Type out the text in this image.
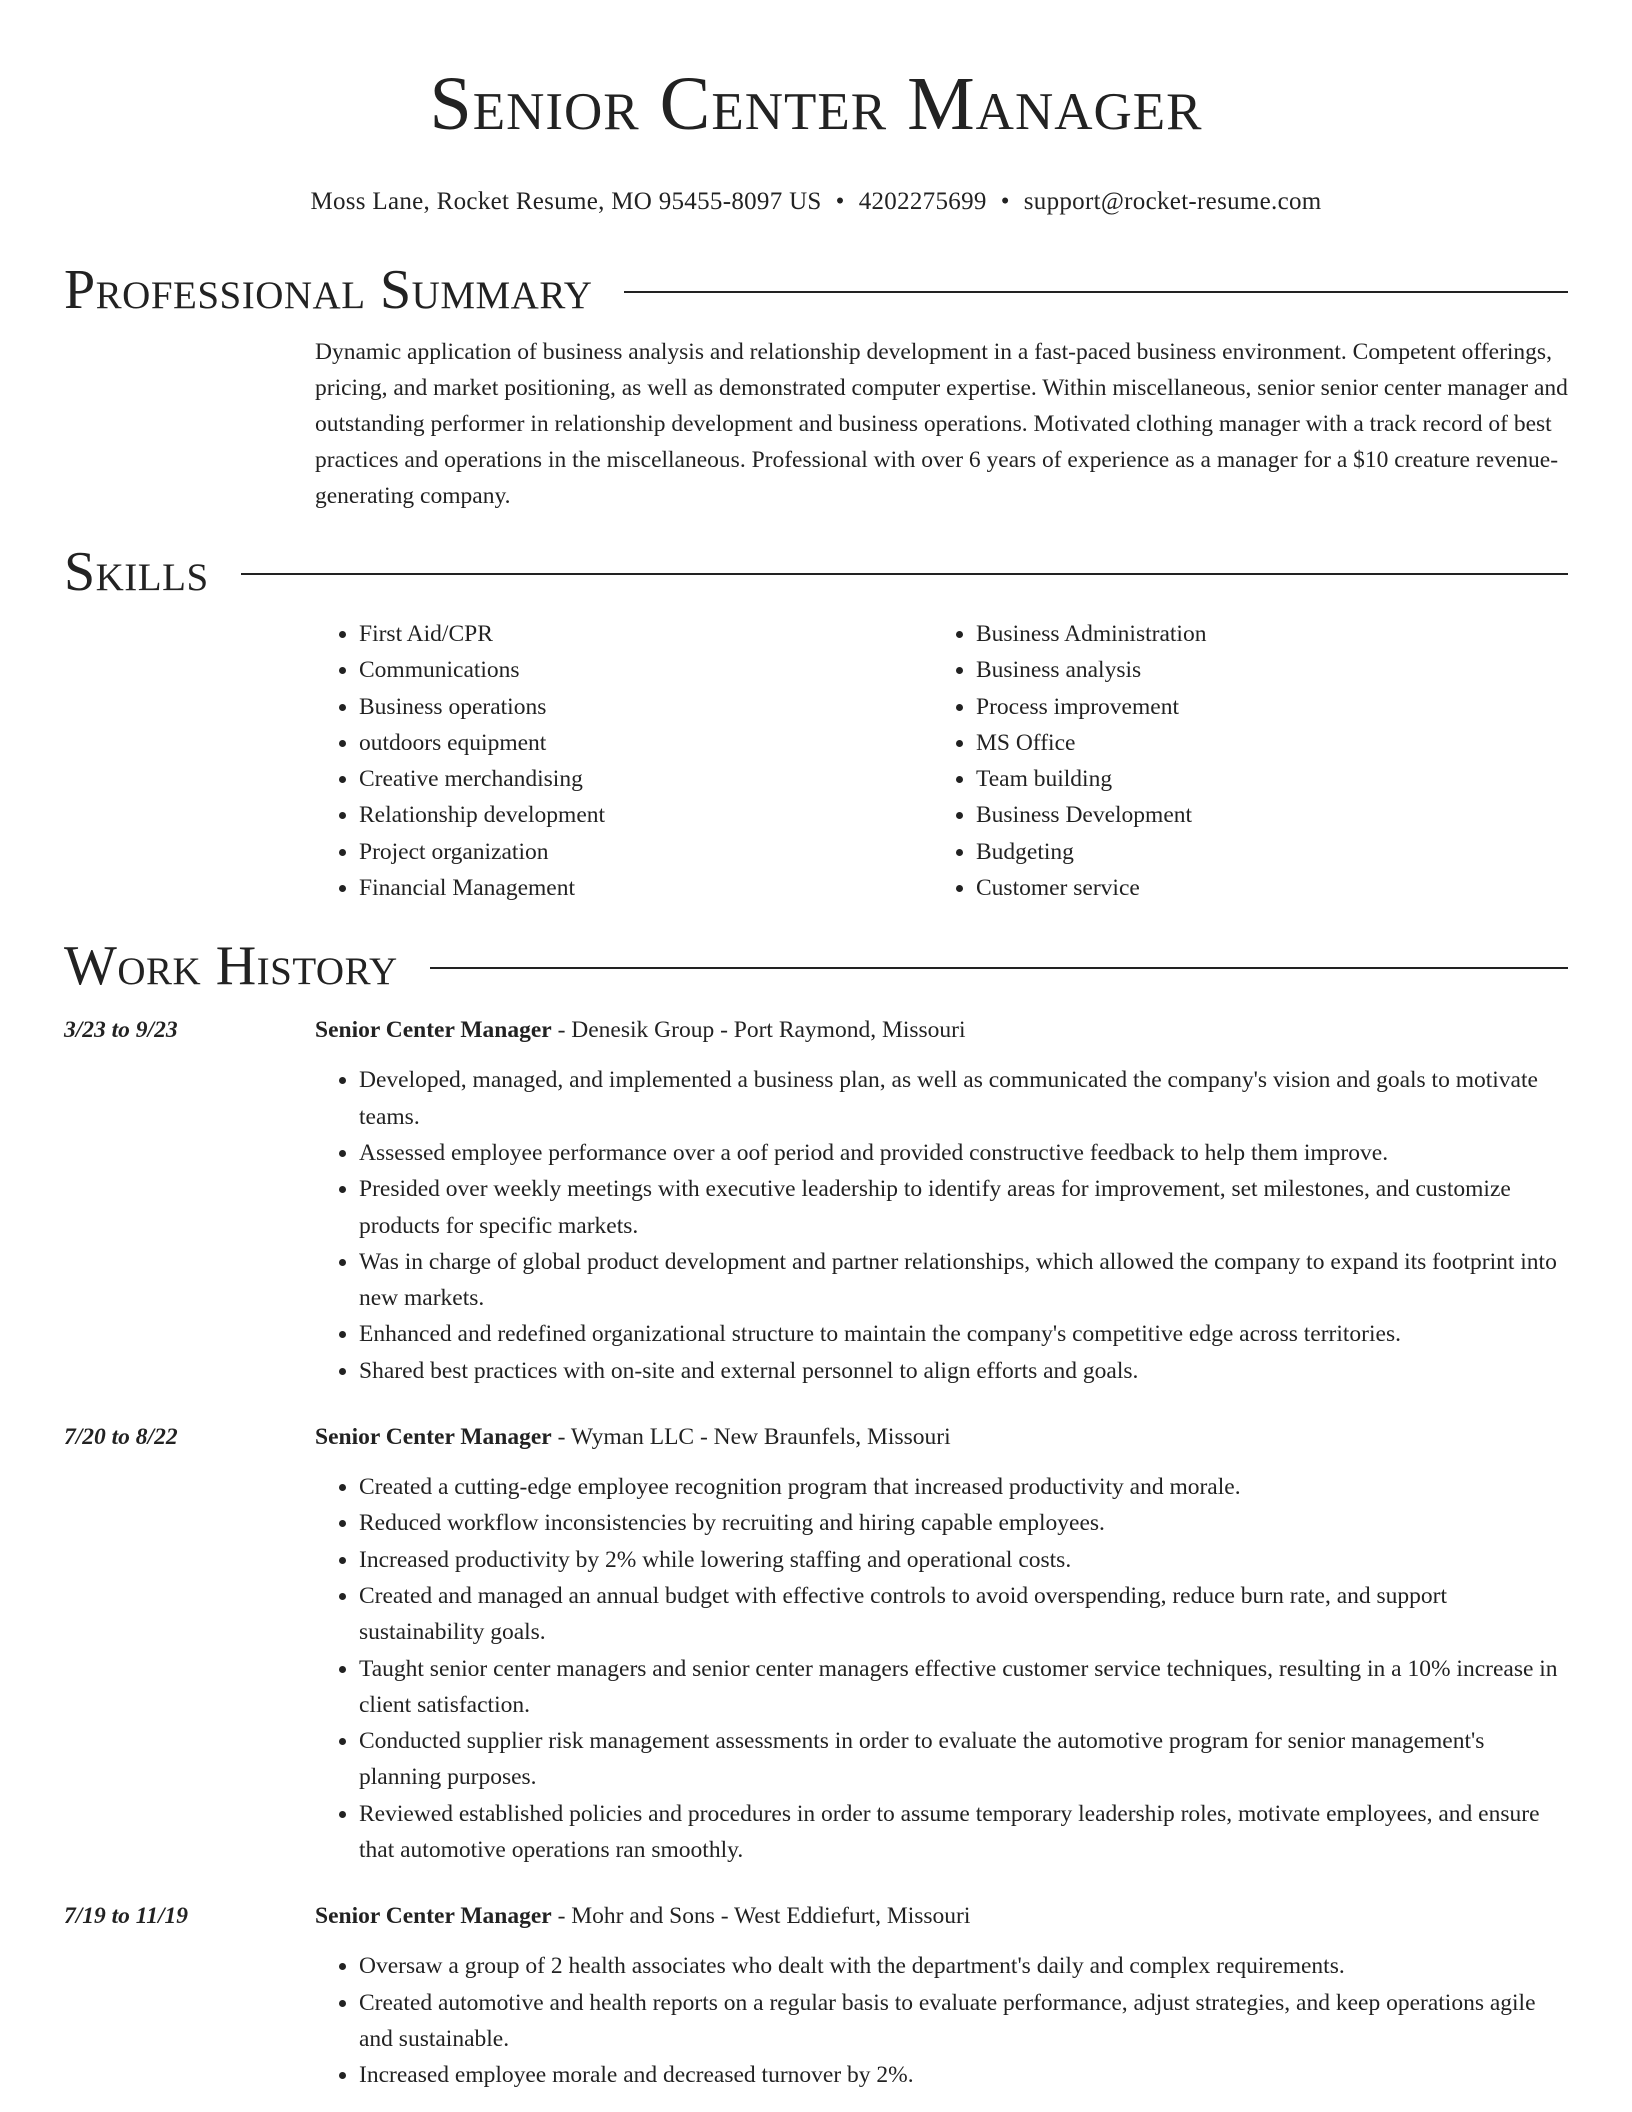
Senior Center Manager
Moss Lane, Rocket Resume, MO 95455-8097 US • 4202275699 • support@rocket-resume.com
Professional Summary
Dynamic application of business analysis and relationship development in a fast-paced business environment. Competent offerings, pricing, and market positioning, as well as demonstrated computer expertise. Within miscellaneous, senior senior center manager and outstanding performer in relationship development and business operations. Motivated clothing manager with a track record of best practices and operations in the miscellaneous. Professional with over 6 years of experience as a manager for a $10 creature revenue-generating company.
Skills
• First Aid/CPR
• Communications
• Business operations
• outdoors equipment
• Creative merchandising
• Relationship development
• Project organization
• Financial Management
• Business Administration
• Business analysis
• Process improvement
• MS Office
• Team building
• Business Development
• Budgeting
• Customer service
Work History
3/23 to 9/23	Senior Center Manager - Denesik Group - Port Raymond, Missouri
• Developed, managed, and implemented a business plan, as well as communicated the company's vision and goals to motivate teams.
• Assessed employee performance over a oof period and provided constructive feedback to help them improve.
• Presided over weekly meetings with executive leadership to identify areas for improvement, set milestones, and customize products for specific markets.
• Was in charge of global product development and partner relationships, which allowed the company to expand its footprint into new markets.
• Enhanced and redefined organizational structure to maintain the company's competitive edge across territories.
• Shared best practices with on-site and external personnel to align efforts and goals.
7/20 to 8/22	Senior Center Manager - Wyman LLC - New Braunfels, Missouri
• Created a cutting-edge employee recognition program that increased productivity and morale.
• Reduced workflow inconsistencies by recruiting and hiring capable employees.
• Increased productivity by 2% while lowering staffing and operational costs.
• Created and managed an annual budget with effective controls to avoid overspending, reduce burn rate, and support sustainability goals.
• Taught senior center managers and senior center managers effective customer service techniques, resulting in a 10% increase in client satisfaction.
• Conducted supplier risk management assessments in order to evaluate the automotive program for senior management's planning purposes.
• Reviewed established policies and procedures in order to assume temporary leadership roles, motivate employees, and ensure that automotive operations ran smoothly.
7/19 to 11/19	Senior Center Manager - Mohr and Sons - West Eddiefurt, Missouri
• Oversaw a group of 2 health associates who dealt with the department's daily and complex requirements.
• Created automotive and health reports on a regular basis to evaluate performance, adjust strategies, and keep operations agile and sustainable.
• Increased employee morale and decreased turnover by 2%.
